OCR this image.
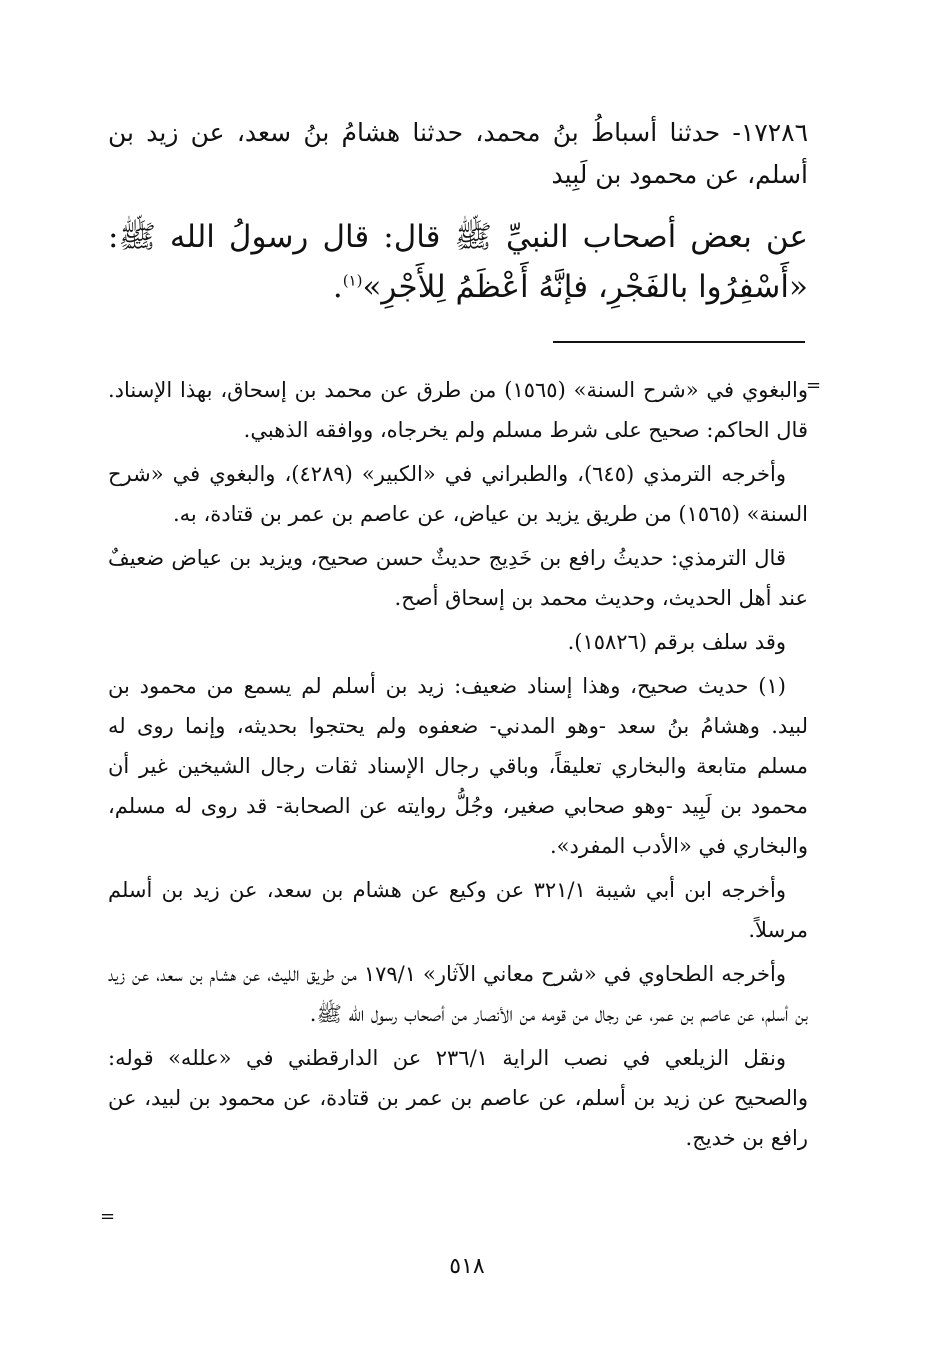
١٧٢٨٦- حدثنا أسباطُ بنُ محمد، حدثنا هشامُ بنُ سعد، عن زيد بن أسلم، عن محمود بن لَبِيد
عن بعض أصحاب النبيِّ ﷺ قال: قال رسولُ الله ﷺ: «أَسْفِرُوا بالفَجْرِ، فإنَّهُ أَعْظَمُ لِلأَجْرِ»$^{(١)}$.
=

والبغوي في «شرح السنة» (١٥٦٥) من طرق عن محمد بن إسحاق، بهذا الإسناد. قال الحاكم: صحيح على شرط مسلم ولم يخرجاه، ووافقه الذهبي.

وأخرجه الترمذي (٦٤٥)، والطبراني في «الكبير» (٤٢٨٩)، والبغوي في «شرح السنة» (١٥٦٥) من طريق يزيد بن عياض، عن عاصم بن عمر بن قتادة، به.

قال الترمذي: حديثُ رافع بن خَدِيج حديثٌ حسن صحيح، ويزيد بن عياض ضعيفٌ عند أهل الحديث، وحديث محمد بن إسحاق أصح.

وقد سلف برقم (١٥٨٢٦).

(١) حديث صحيح، وهذا إسناد ضعيف: زيد بن أسلم لم يسمع من محمود بن لبيد. وهشامُ بنُ سعد -وهو المدني- ضعفوه ولم يحتجوا بحديثه، وإنما روى له مسلم متابعة والبخاري تعليقاً، وباقي رجال الإسناد ثقات رجال الشيخين غير أن محمود بن لَبِيد -وهو صحابي صغير، وجُلُّ روايته عن الصحابة- قد روى له مسلم، والبخاري في «الأدب المفرد».

وأخرجه ابن أبي شيبة ٣٢١/١ عن وكيع عن هشام بن سعد، عن زيد بن أسلم مرسلاً.

وأخرجه الطحاوي في «شرح معاني الآثار» ١٧٩/١ من طريق الليث، عن هشام بن سعد، عن زيد بن أسلم، عن عاصم بن عمر، عن رجال من قومه من الأنصار من أصحاب رسول الله ﷺ.

ونقل الزيلعي في نصب الراية ٢٣٦/١ عن الدارقطني في «علله» قوله: والصحيح عن زيد بن أسلم، عن عاصم بن عمر بن قتادة، عن محمود بن لبيد، عن رافع بن خديج.

=
٥١٨
